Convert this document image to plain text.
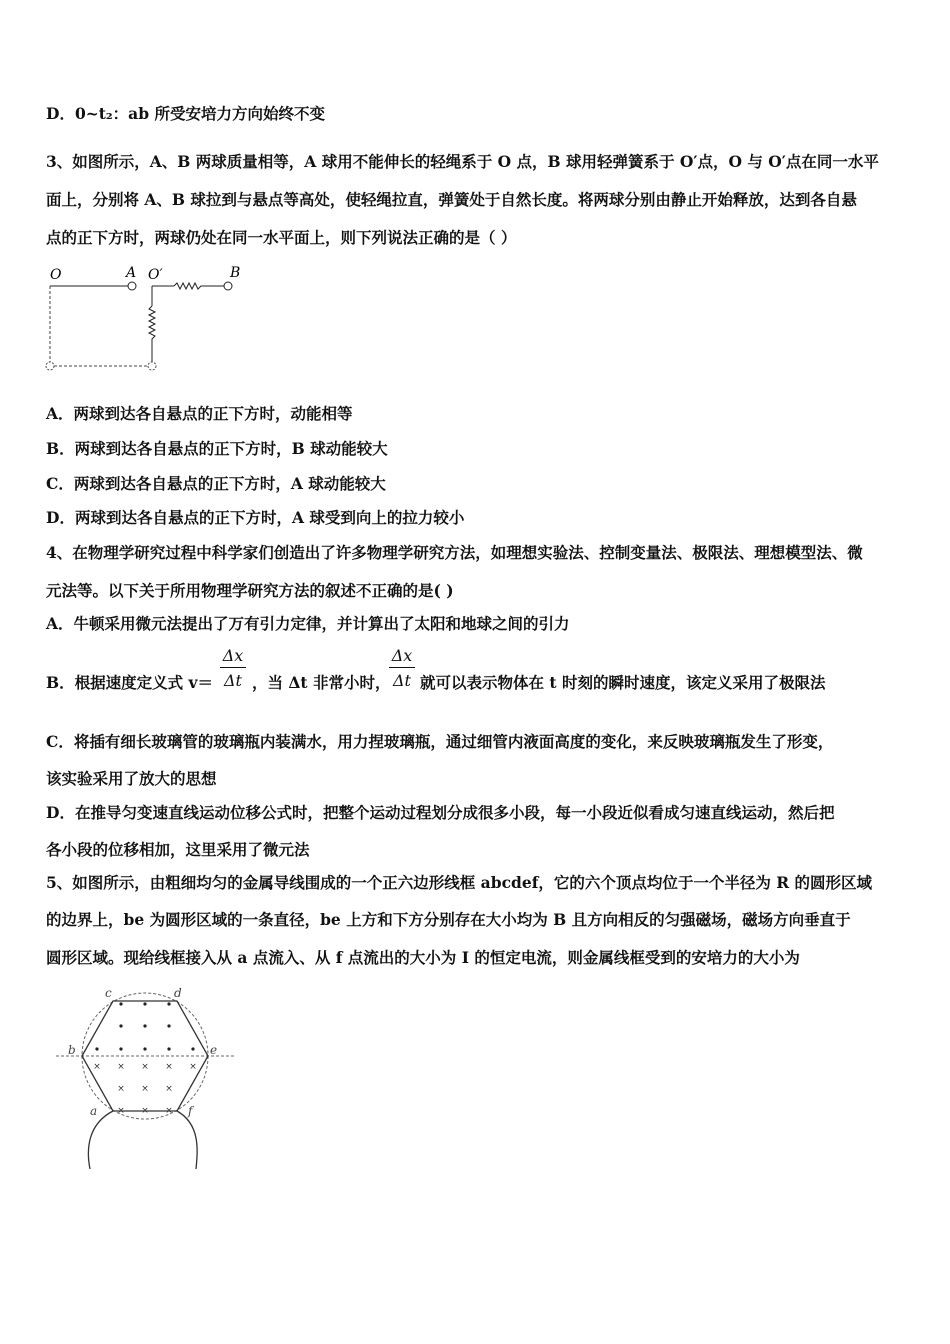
D．0~t₂：ab 所受安培力方向始终不变
3、如图所示，A、B 两球质量相等，A 球用不能伸长的轻绳系于 O 点，B 球用轻弹簧系于 O′点，O 与 O′点在同一水平
面上，分别将 A、B 球拉到与悬点等高处，使轻绳拉直，弹簧处于自然长度。将两球分别由静止开始释放，达到各自悬
点的正下方时，两球仍处在同一水平面上，则下列说法正确的是（ ）
O	A O′	B
A．两球到达各自悬点的正下方时，动能相等
B．两球到达各自悬点的正下方时，B 球动能较大
C．两球到达各自悬点的正下方时，A 球动能较大
D．两球到达各自悬点的正下方时，A 球受到向上的拉力较小
4、在物理学研究过程中科学家们创造出了许多物理学研究方法，如理想实验法、控制变量法、极限法、理想模型法、微
元法等。以下关于所用物理学研究方法的叙述不正确的是( )
A．牛顿采用微元法提出了万有引力定律，并计算出了太阳和地球之间的引力
B．根据速度定义式 $v= \frac{\Delta x}{\Delta t}$ ，当 Δt 非常小时，
$\frac{\Delta x}{\Delta t}$ 就可以表示物体在 t 时刻的瞬时速度，该定义采用了极限法
C．将插有细长玻璃管的玻璃瓶内装满水，用力捏玻璃瓶，通过细管内液面高度的变化，来反映玻璃瓶发生了形变，
该实验采用了放大的思想
D．在推导匀变速直线运动位移公式时，把整个运动过程划分成很多小段，每一小段近似看成匀速直线运动，然后把
各小段的位移相加，这里采用了微元法
5、如图所示，由粗细均匀的金属导线围成的一个正六边形线框 abcdef，它的六个顶点均位于一个半径为 R 的圆形区域
的边界上，be 为圆形区域的一条直径，be 上方和下方分别存在大小均为 B 且方向相反的匀强磁场，磁场方向垂直于
圆形区域。现给线框接入从 a 点流入、从 f 点流出的大小为 I 的恒定电流，则金属线框受到的安培力的大小为
× × × × ×
× × ×
× × ×
a
b
c	d
e
f
